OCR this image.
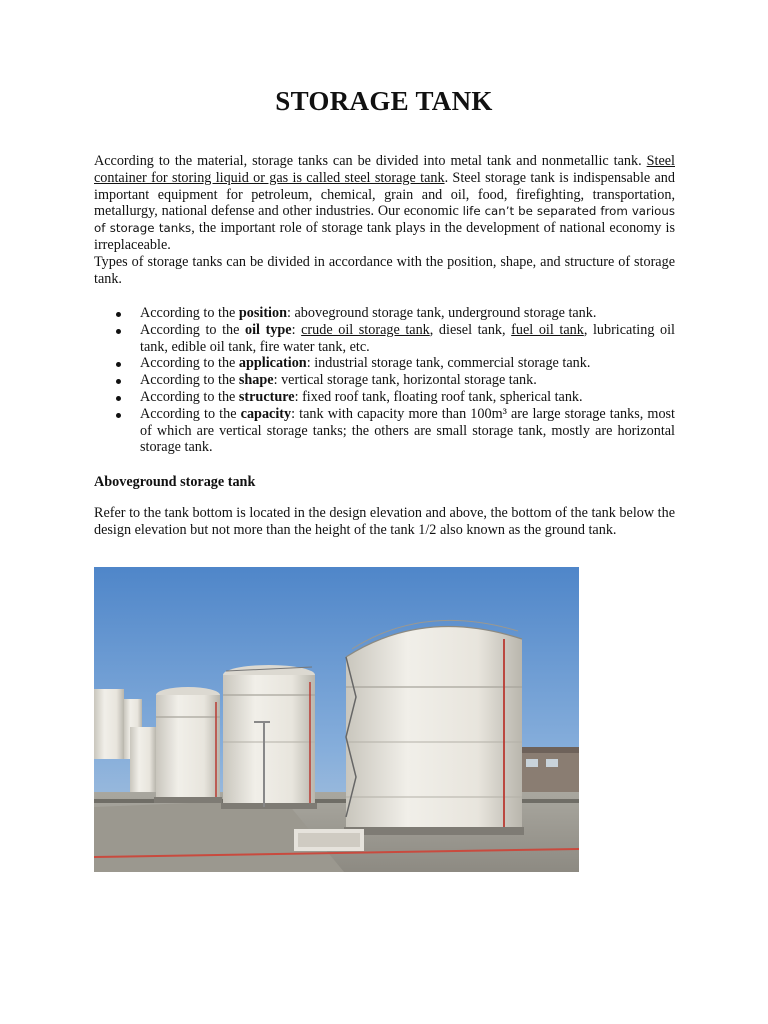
STORAGE TANK

According to the material, storage tanks can be divided into metal tank and nonmetallic tank. Steel container for storing liquid or gas is called steel storage tank. Steel storage tank is indispensable and important equipment for petroleum, chemical, grain and oil, food, firefighting, transportation, metallurgy, national defense and other industries. Our economic life can’t be separated from various of storage tanks, the important role of storage tank plays in the development of national economy is irreplaceable.

Types of storage tanks can be divided in accordance with the position, shape, and structure of storage tank.

According to the position: aboveground storage tank, underground storage tank.
According to the oil type: crude oil storage tank, diesel tank, fuel oil tank, lubricating oil tank, edible oil tank, fire water tank, etc.
According to the application: industrial storage tank, commercial storage tank.
According to the shape: vertical storage tank, horizontal storage tank.
According to the structure: fixed roof tank, floating roof tank, spherical tank.
According to the capacity: tank with capacity more than 100m³ are large storage tanks, most of which are vertical storage tanks; the others are small storage tank, mostly are horizontal storage tank.

Aboveground storage tank

Refer to the tank bottom is located in the design elevation and above, the bottom of the tank below the design elevation but not more than the height of the tank 1/2 also known as the ground tank.
